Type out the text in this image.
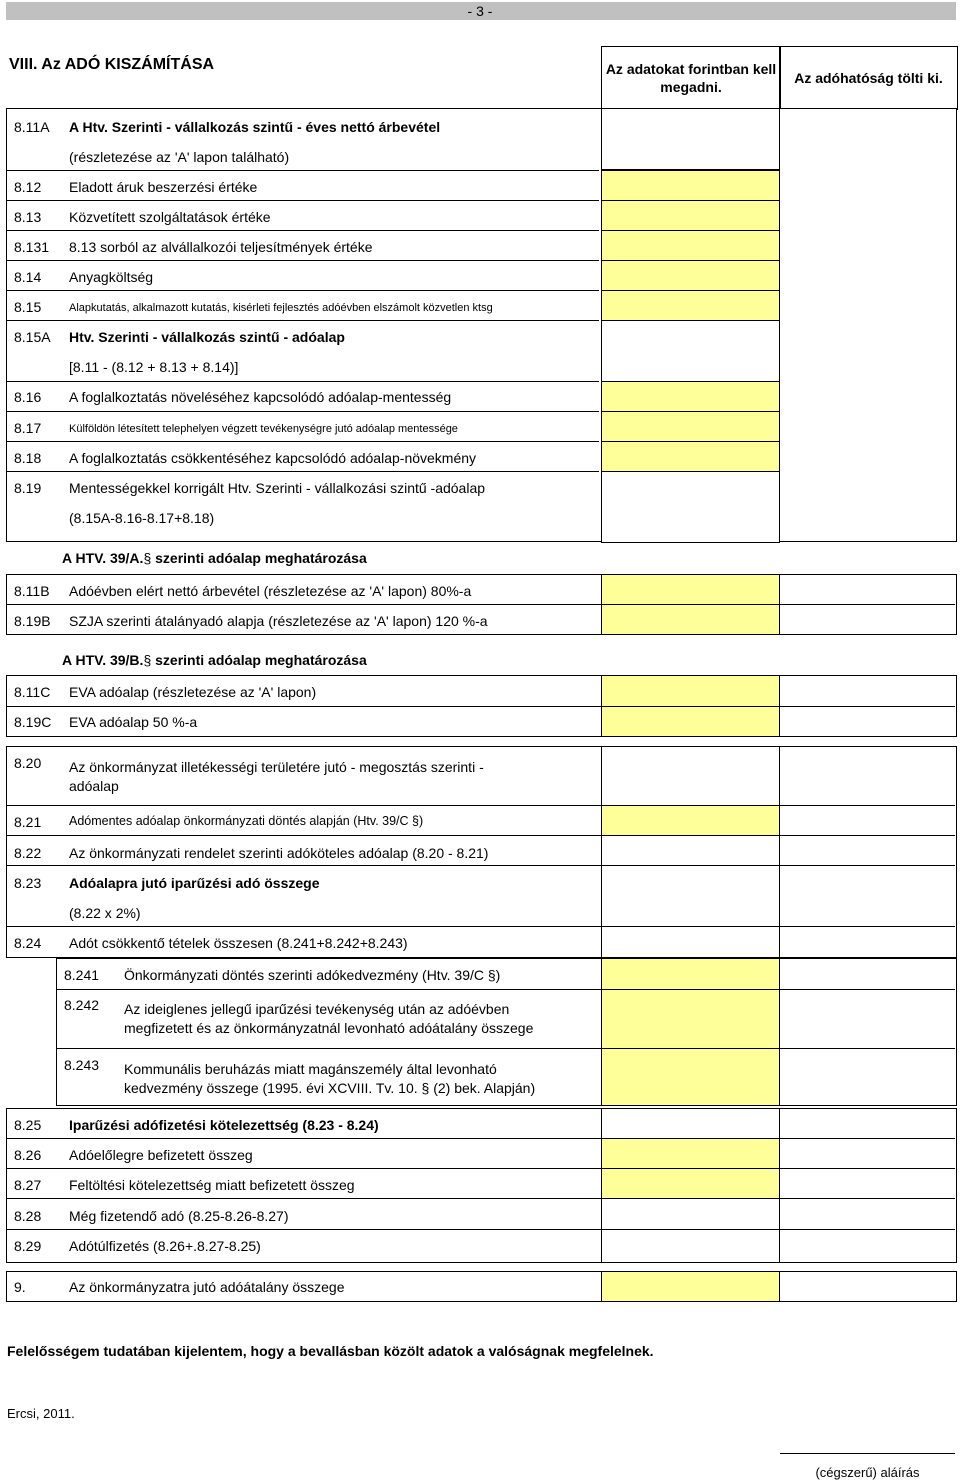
- 3 -
VIII. Az ADÓ KISZÁMÍTÁSA	Az adatokat forintban kell megadni.
Az adóhatóság tölti ki.
8.11A A Htv. Szerinti - vállalkozás szintű - éves nettó árbevétel
(részletezése az 'A' lapon található)
8.12 Eladott áruk beszerzési értéke
8.13 Közvetített szolgáltatások értéke
8.131 8.13 sorból az alvállalkozói teljesítmények értéke
8.14 Anyagköltség
8.15	Alapkutatás, alkalmazott kutatás, kisérleti fejlesztés adóévben elszámolt közvetlen ktsg
8.15A Htv. Szerinti - vállalkozás szintű - adóalap
[8.11 - (8.12 + 8.13 + 8.14)]
8.16 A foglalkoztatás növeléséhez kapcsolódó adóalap-mentesség
8.17	Külföldön létesített telephelyen végzett tevékenységre jutó adóalap mentessége
8.18 A foglalkoztatás csökkentéséhez kapcsolódó adóalap-növekmény
8.19 Mentességekkel korrigált Htv. Szerinti - vállalkozási szintű -adóalap
(8.15A-8.16-8.17+8.18)
A HTV. 39/A.§ szerinti adóalap meghatározása
8.11B Adóévben elért nettó árbevétel (részletezése az 'A' lapon) 80%-a
8.19B SZJA szerinti átalányadó alapja (részletezése az 'A' lapon) 120 %-a
A HTV. 39/B.§ szerinti adóalap meghatározása
8.11C EVA adóalap (részletezése az 'A' lapon)
8.19C EVA adóalap 50 %-a
8.20 Az önkormányzat illetékességi területére jutó - megosztás szerinti -
adóalap
8.21 Adómentes adóalap önkormányzati döntés alapján (Htv. 39/C §)
8.22 Az önkormányzati rendelet szerinti adóköteles adóalap (8.20 - 8.21)
8.23 Adóalapra jutó iparűzési adó összege
(8.22 x 2%)
8.24 Adót csökkentő tételek összesen (8.241+8.242+8.243)
8.241 Önkormányzati döntés szerinti adókedvezmény (Htv. 39/C §)
8.242 Az ideiglenes jellegű iparűzési tevékenység után az adóévben
megfizetett és az önkormányzatnál levonható adóátalány összege
8.243 Kommunális beruházás miatt magánszemély által levonható
kedvezmény összege (1995. évi XCVIII. Tv. 10. § (2) bek. Alapján)
8.25 Iparűzési adófizetési kötelezettség (8.23 - 8.24)
8.26 Adóelőlegre befizetett összeg
8.27 Feltöltési kötelezettség miatt befizetett összeg
8.28 Még fizetendő adó (8.25-8.26-8.27)
8.29 Adótúlfizetés (8.26+.8.27-8.25)
9.	Az önkormányzatra jutó adóátalány összege
Felelősségem tudatában kijelentem, hogy a bevallásban közölt adatok a valóságnak megfelelnek.
Ercsi, 2011.
(cégszerű) aláírás
